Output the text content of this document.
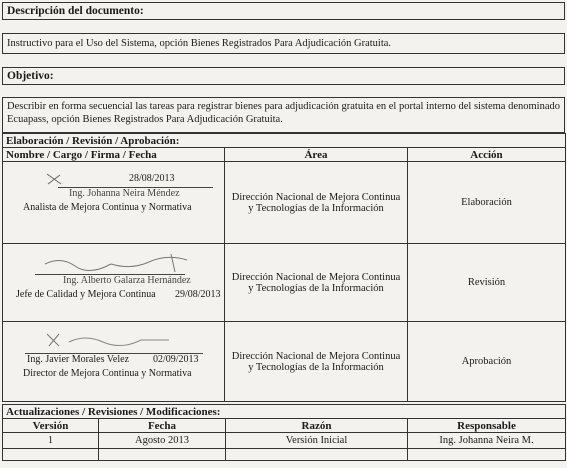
Descripción del documento:
Instructivo para el Uso del Sistema, opción Bienes Registrados Para Adjudicación Gratuita.
Objetivo:
Describir en forma secuencial las tareas para registrar bienes para adjudicación gratuita en el portal interno del sistema denominado Ecuapass, opción Bienes Registrados Para Adjudicación Gratuita.
Elaboración / Revisión / Aprobación:		
Nombre / Cargo / Firma / Fecha	Área	Acción

28/08/2013
Ing. Johanna Neira Méndez
Analista de Mejora Continua y Normativa	Dirección Nacional de Mejora Continua y Tecnologías de la Información	Elaboración

Ing. Alberto Galarza Hernández
Jefe de Calidad y Mejora Continua 29/08/2013	Dirección Nacional de Mejora Continua y Tecnologías de la Información	Revisión

Ing. Javier Morales Velez 02/09/2013
Director de Mejora Continua y Normativa	Dirección Nacional de Mejora Continua y Tecnologías de la Información	Aprobación
Actualizaciones / Revisiones / Modificaciones:			
Versión	Fecha	Razón	Responsable
1	Agosto 2013	Versión Inicial	Ing. Johanna Neira M.
